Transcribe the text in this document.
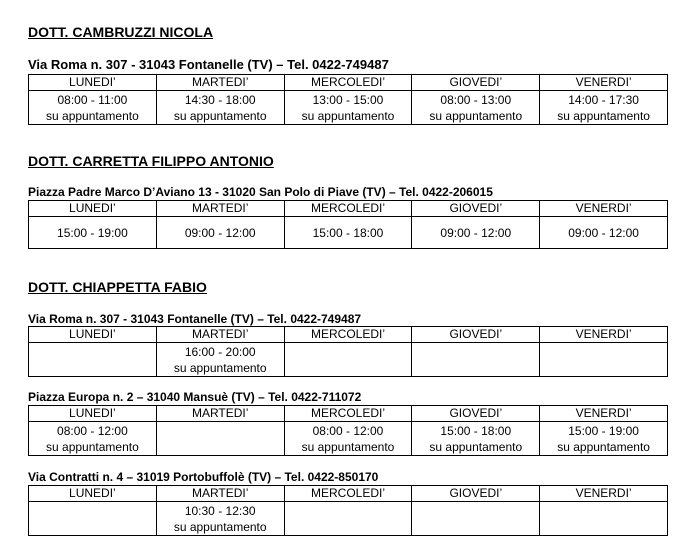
DOTT. CAMBRUZZI NICOLA
Via Roma n. 307 - 31043 Fontanelle (TV) – Tel. 0422-749487
LUNEDI’	MARTEDI’	MERCOLEDI’	GIOVEDI’	VENERDI’

08:00 - 11:00
su appuntamento	14:30 - 18:00
su appuntamento	13:00 - 15:00
su appuntamento	08:00 - 13:00
su appuntamento	14:00 - 17:30
su appuntamento
DOTT. CARRETTA FILIPPO ANTONIO
Piazza Padre Marco D’Aviano 13 - 31020 San Polo di Piave (TV) – Tel. 0422-206015
LUNEDI’	MARTEDI’	MERCOLEDI’	GIOVEDI’	VENERDI’

15:00 - 19:00	09:00 - 12:00	15:00 - 18:00	09:00 - 12:00	09:00 - 12:00
DOTT. CHIAPPETTA FABIO
Via Roma n. 307 - 31043 Fontanelle (TV) – Tel. 0422-749487
LUNEDI’	MARTEDI’	MERCOLEDI’	GIOVEDI’	VENERDI’

	16:00 - 20:00
su appuntamento			

Piazza Europa n. 2 – 31040 Mansuè (TV) – Tel. 0422-711072
LUNEDI’	MARTEDI’	MERCOLEDI’	GIOVEDI’	VENERDI’

08:00 - 12:00
su appuntamento		08:00 - 12:00
su appuntamento	15:00 - 18:00
su appuntamento	15:00 - 19:00
su appuntamento
Via Contratti n. 4 – 31019 Portobuffolè (TV) – Tel. 0422-850170
LUNEDI’	MARTEDI’	MERCOLEDI’	GIOVEDI’	VENERDI’

	10:30 - 12:30
su appuntamento			
